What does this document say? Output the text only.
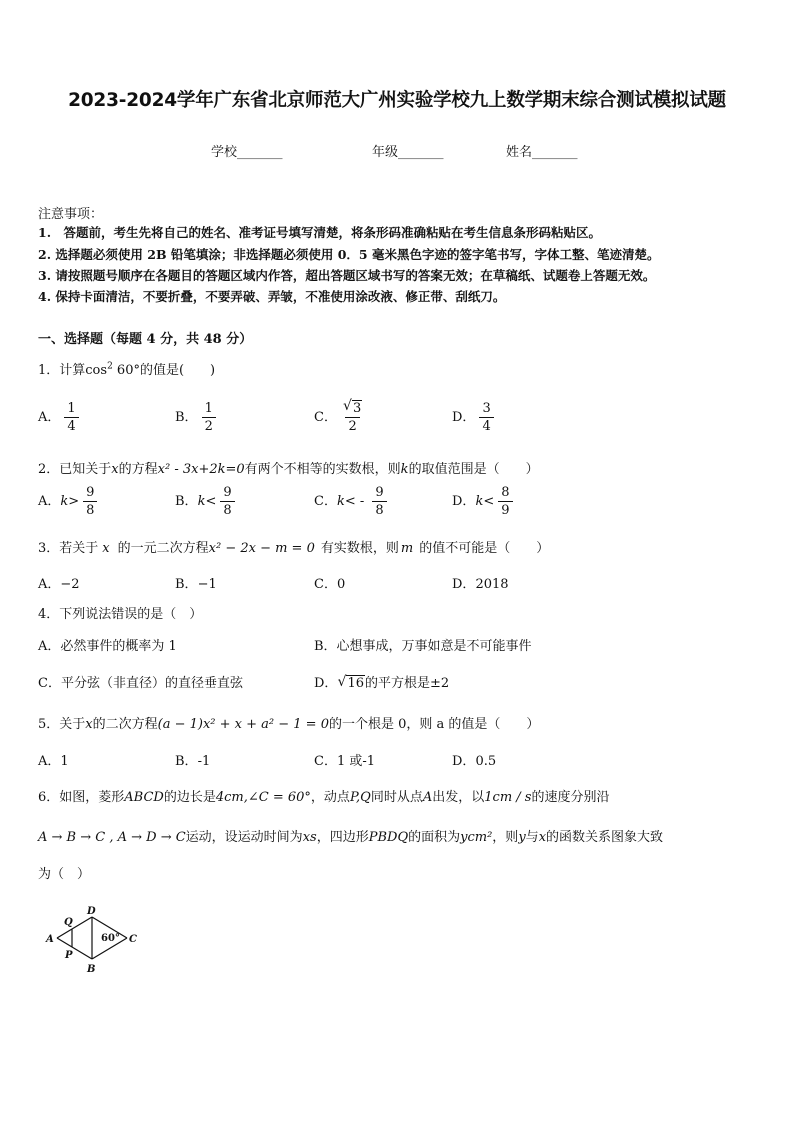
2023-2024学年广东省北京师范大广州实验学校九上数学期末综合测试模拟试题
学校_______	年级_______	姓名_______
注意事项：
1.　答题前，考生先将自己的姓名、准考证号填写清楚，将条形码准确粘贴在考生信息条形码粘贴区。
2. 选择题必须使用 2B 铅笔填涂；非选择题必须使用 0．5 毫米黑色字迹的签字笔书写，字体工整、笔迹清楚。
3. 请按照题号顺序在各题目的答题区域内作答，超出答题区域书写的答案无效；在草稿纸、试题卷上答题无效。
4. 保持卡面清洁，不要折叠，不要弄破、弄皱，不准使用涂改液、修正带、刮纸刀。
一、选择题（每题 4 分，共 48 分）
1．计算$\cos^2 60^\circ$的值是(　　)
A． $\frac{1}{4}$	B． $\frac{1}{2}$	C． $\frac{√ 3}{2}$	D． $\frac{3}{4}$
2．已知关于x的方程x² - 3x+2k=0有两个不相等的实数根，则k的取值范围是（　　）
A．$k> \frac{9}{8}$	B．$k< \frac{9}{8}$	C．$k< - \frac{9}{8}$	D．$k< \frac{8}{9}$
3．若关于 x 的一元二次方程x² − 2x − m = 0 有实数根，则 m 的值不可能是（　　）
A．−2	B．−1	C．0	D．2018
4．下列说法错误的是（　）
A．必然事件的概率为 1	B．心想事成，万事如意是不可能事件
C．平分弦（非直径）的直径垂直弦	D． √ 16的平方根是±2
5．关于x的二次方程(a − 1)x² + x + a² − 1 = 0的一个根是 0，则 a 的值是（　　）
A．1	B．-1	C．1 或-1	D．0.5
6．如图，菱形ABCD的边长是4cm,∠C = 60°，动点P,Q同时从点A出发，以1cm / s的速度分别沿
A → B → C , A → D → C运动，设运动时间为xs，四边形PBDQ的面积为ycm²，则y与x的函数关系图象大致
为（　）
A
B
C
D
P
Q
60°
